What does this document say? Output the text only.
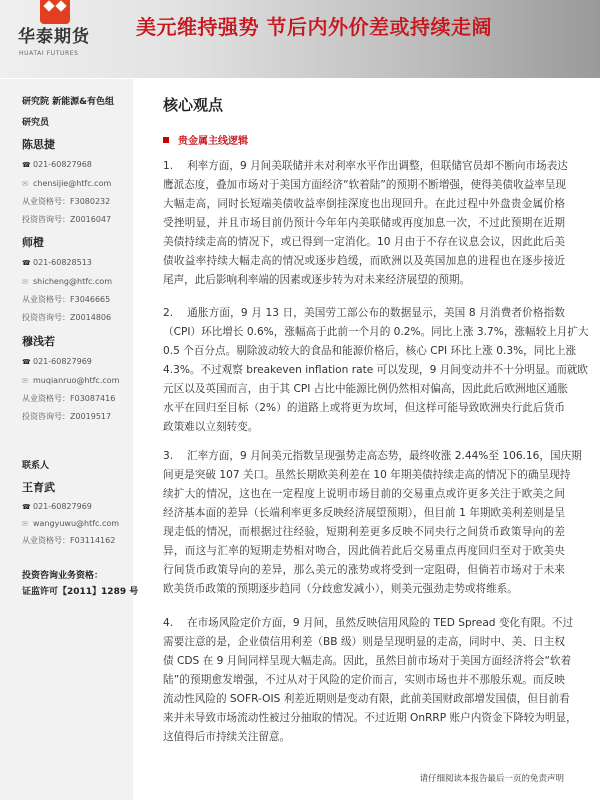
华泰期货
HUATAI FUTURES
美元维持强势 节后内外价差或持续走阔
研究院 新能源&有色组
研究员
陈思捷
☎ 021-60827968
✉ chensijie@htfc.com
从业资格号：F3080232
投资咨询号：Z0016047
师橙
☎ 021-60828513
✉ shicheng@htfc.com
从业资格号：F3046665
投资咨询号：Z0014806
穆浅若
☎ 021-60827969
✉ muqianruo@htfc.com
从业资格号：F03087416
投资咨询号：Z0019517
联系人
王育武
☎ 021-60827969
✉ wangyuwu@htfc.com
从业资格号：F03114162
投资咨询业务资格：
证监许可【2011】1289 号
核心观点
贵金属主线逻辑
1. 利率方面，9 月间美联储并未对利率水平作出调整，但联储官员却不断向市场表达
鹰派态度，叠加市场对于美国方面经济“软着陆”的预期不断增强，使得美债收益率呈现
大幅走高，同时长短端美债收益率倒挂深度也出现回升。在此过程中外盘贵金属价格
受挫明显，并且市场目前仍预计今年年内美联储或再度加息一次，不过此预期在近期
美债持续走高的情况下，或已得到一定消化。10 月由于不存在议息会议，因此此后美
债收益率持续大幅走高的情况或逐步趋缓，而欧洲以及英国加息的进程也在逐步接近
尾声，此后影响利率端的因素或逐步转为对未来经济展望的预期。
2. 通胀方面，9 月 13 日，美国劳工部公布的数据显示，美国 8 月消费者价格指数
（CPI）环比增长 0.6%，涨幅高于此前一个月的 0.2%。同比上涨 3.7%，涨幅较上月扩大
0.5 个百分点。剔除波动较大的食品和能源价格后，核心 CPI 环比上涨 0.3%，同比上涨
4.3%。不过观察 breakeven inflation rate 可以发现，9 月间变动并不十分明显。而就欧
元区以及英国而言，由于其 CPI 占比中能源比例仍然相对偏高，因此此后欧洲地区通胀
水平在回归至目标（2%）的道路上或将更为坎坷，但这样可能导致欧洲央行此后货币
政策难以立刻转变。
3. 汇率方面，9 月间美元指数呈现强势走高态势，最终收涨 2.44%至 106.16，国庆期
间更是突破 107 关口。虽然长期欧美利差在 10 年期美债持续走高的情况下的确呈现持
续扩大的情况，这也在一定程度上说明市场目前的交易重点或许更多关注于欧美之间
经济基本面的差异（长端利率更多反映经济展望预期），但目前 1 年期欧美利差则是呈
现走低的情况，而根据过往经验，短期利差更多反映不同央行之间货币政策导向的差
异，而这与汇率的短期走势相对吻合，因此倘若此后交易重点再度回归至对于欧美央
行间货币政策导向的差异，那么美元的涨势或将受到一定阻碍，但倘若市场对于未来
欧美货币政策的预期逐步趋同（分歧愈发减小），则美元强劲走势或将维系。
4. 在市场风险定价方面，9 月间，虽然反映信用风险的 TED Spread 变化有限。不过
需要注意的是，企业债信用利差（BB 级）则是呈现明显的走高，同时中、美、日主权
债 CDS 在 9 月间同样呈现大幅走高。因此，虽然目前市场对于美国方面经济将会“软着
陆”的预期愈发增强，不过从对于风险的定价而言，实则市场也并不那般乐观。而反映
流动性风险的 SOFR-OIS 利差近期则是变动有限，此前美国财政部增发国债，但目前看
来并未导致市场流动性被过分抽取的情况。不过近期 OnRRP 账户内资金下降较为明显，
这值得后市持续关注留意。
请仔细阅读本报告最后一页的免责声明
